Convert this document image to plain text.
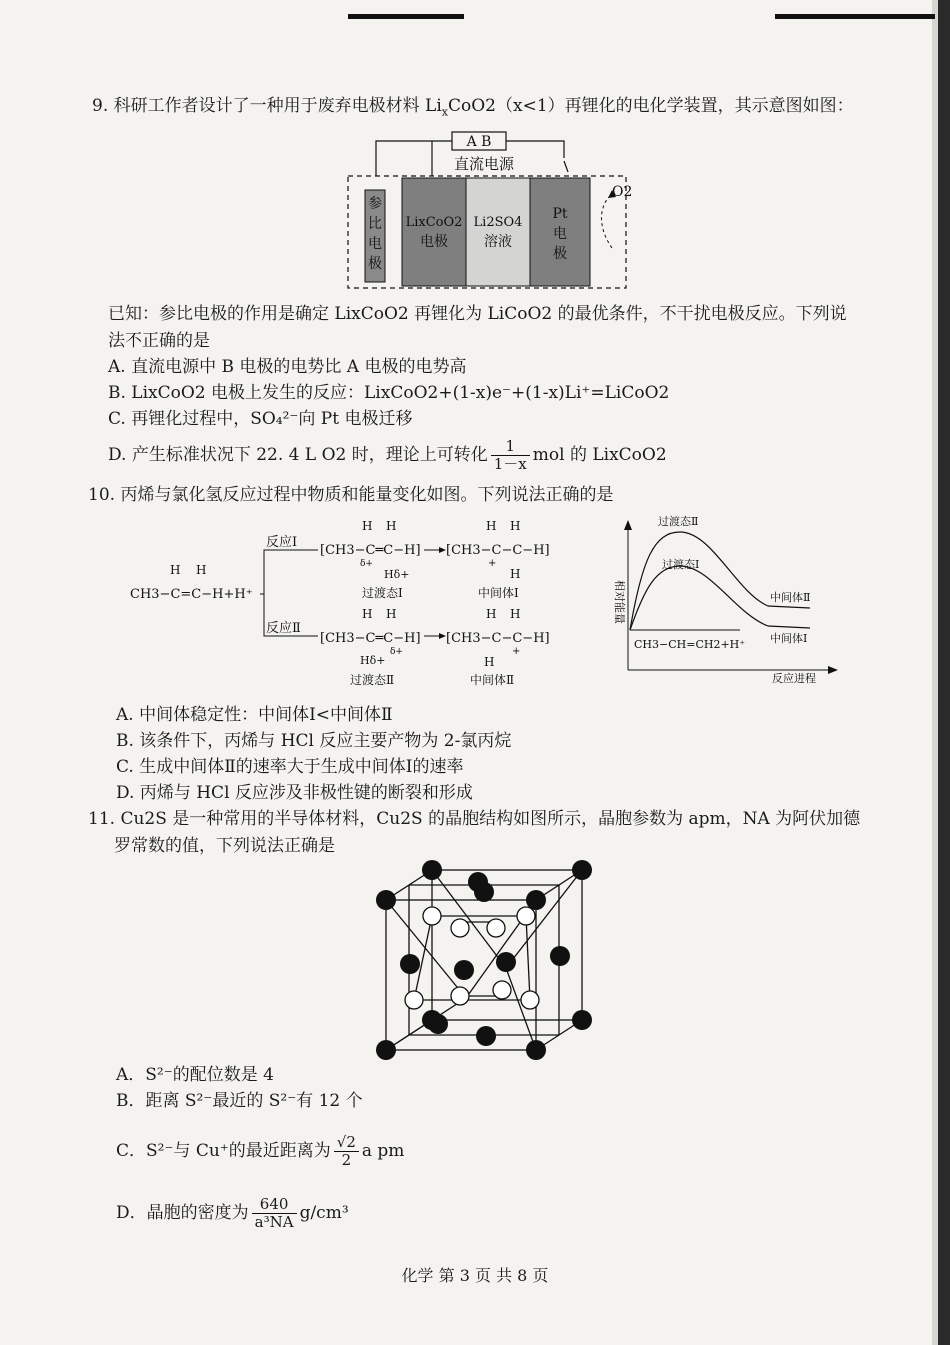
9. 科研工作者设计了一种用于废弃电极材料 $Li_xCoO2(x<1)$再锂化的电化学装置，其示意图如图：
A B
直流电源
参
比
电
极
LixCoO2
电极
Li2SO4
溶液
Pt
电
极
O2
已知：参比电极的作用是确定 LixCoO2 再锂化为 LiCoO2 的最优条件，不干扰电极反应。下列说
法不正确的是
A. 直流电源中 B 电极的电势比 A 电极的电势高
B. LixCoO2 电极上发生的反应：LixCoO2+(1-x)e⁻+(1-x)Li⁺=LiCoO2
C. 再锂化过程中，SO₄²⁻向 Pt 电极迁移
D. 产生标准状况下 22. 4 L O2 时，理论上可转化 $\frac{1}{1-x}$ mol 的 LixCoO2
10. 丙烯与氯化氢反应过程中物质和能量变化如图。下列说法正确的是
H H
CH3−C=C−H+H⁺
反应Ⅰ
反应Ⅱ
H H
[CH3−C═C−H]
Hδ+
δ+
过渡态Ⅰ
H H
[CH3−C−C−H]
H
+
中间体Ⅰ
H H
[CH3−C═C−H]
Hδ+
δ+
过渡态Ⅱ
H H
[CH3−C−C−H]
H
+
中间体Ⅱ
相对能量
反应进程
过渡态Ⅱ
过渡态Ⅰ
中间体Ⅱ
中间体Ⅰ
CH3−CH=CH2+H⁺
A. 中间体稳定性：中间体Ⅰ<中间体Ⅱ
B. 该条件下，丙烯与 HCl 反应主要产物为 2-氯丙烷
C. 生成中间体Ⅱ的速率大于生成中间体Ⅰ的速率
D. 丙烯与 HCl 反应涉及非极性键的断裂和形成
11. Cu2S 是一种常用的半导体材料，Cu2S 的晶胞结构如图所示，晶胞参数为 apm，NA 为阿伏加德
罗常数的值，下列说法正确是
A．S²⁻的配位数是 4
B．距离 S²⁻最近的 S²⁻有 12 个
C．S²⁻与 Cu⁺的最近距离为 $\frac{√2}{2}$ a pm
D．晶胞的密度为 $\frac{640}{\text{a³NA}} g/cm^3$
化学 第 3 页 共 8 页
